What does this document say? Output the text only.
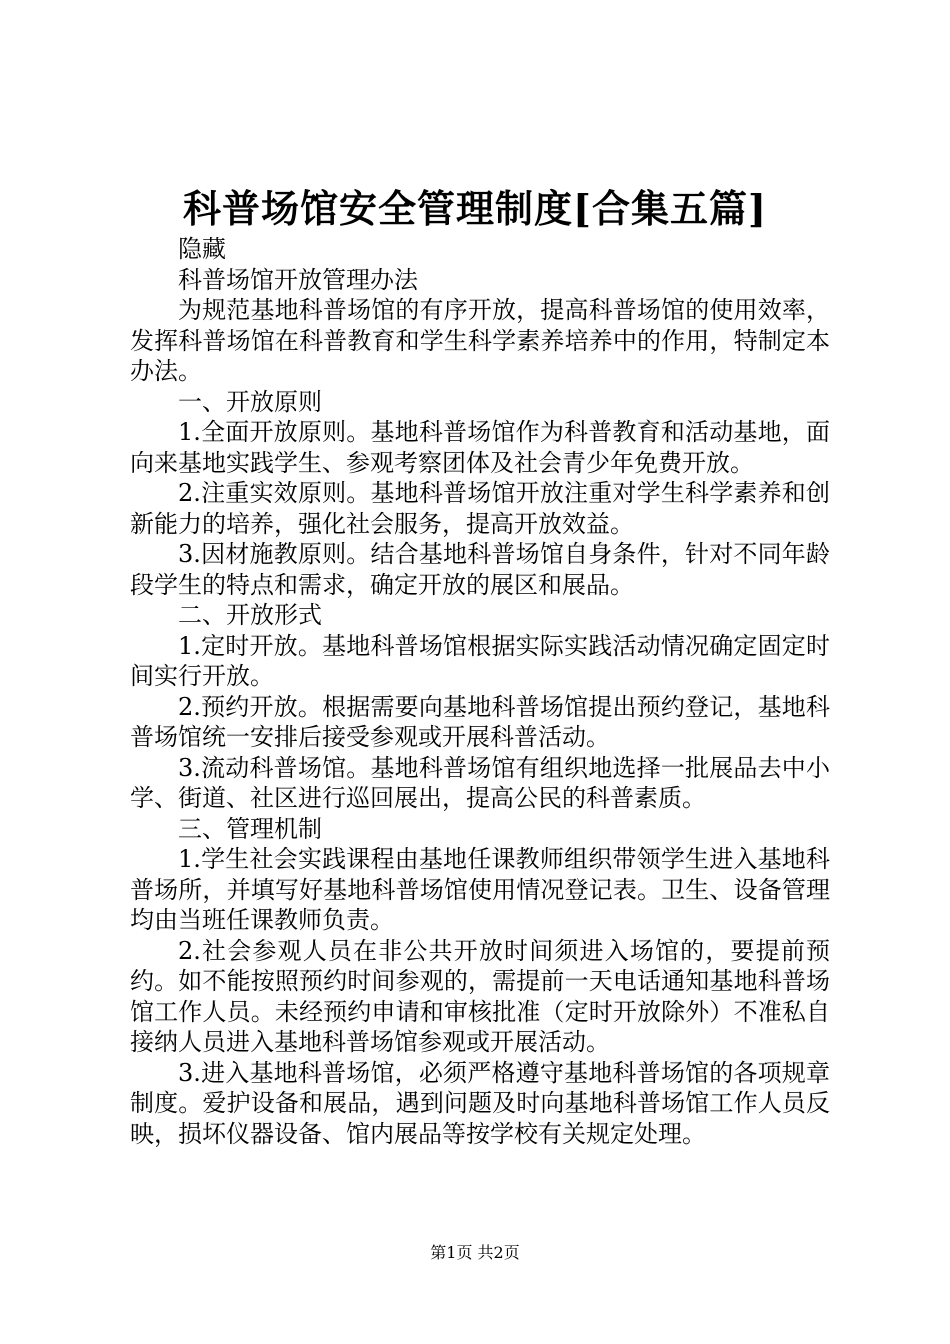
科普场馆安全管理制度[合集五篇]

隐藏

科普场馆开放管理办法

为规范基地科普场馆的有序开放，提高科普场馆的使用效率，发挥科普场馆在科普教育和学生科学素养培养中的作用，特制定本办法。

一、开放原则

1.全面开放原则。基地科普场馆作为科普教育和活动基地，面向来基地实践学生、参观考察团体及社会青少年免费开放。

2.注重实效原则。基地科普场馆开放注重对学生科学素养和创新能力的培养，强化社会服务，提高开放效益。

3.因材施教原则。结合基地科普场馆自身条件，针对不同年龄段学生的特点和需求，确定开放的展区和展品。

二、开放形式

1.定时开放。基地科普场馆根据实际实践活动情况确定固定时间实行开放。

2.预约开放。根据需要向基地科普场馆提出预约登记，基地科普场馆统一安排后接受参观或开展科普活动。

3.流动科普场馆。基地科普场馆有组织地选择一批展品去中小学、街道、社区进行巡回展出，提高公民的科普素质。

三、管理机制

1.学生社会实践课程由基地任课教师组织带领学生进入基地科普场所，并填写好基地科普场馆使用情况登记表。卫生、设备管理均由当班任课教师负责。

2.社会参观人员在非公共开放时间须进入场馆的，要提前预约。如不能按照预约时间参观的，需提前一天电话通知基地科普场馆工作人员。未经预约申请和审核批准（定时开放除外）不准私自接纳人员进入基地科普场馆参观或开展活动。

3.进入基地科普场馆，必须严格遵守基地科普场馆的各项规章制度。爱护设备和展品，遇到问题及时向基地科普场馆工作人员反映，损坏仪器设备、馆内展品等按学校有关规定处理。

第1页 共2页
